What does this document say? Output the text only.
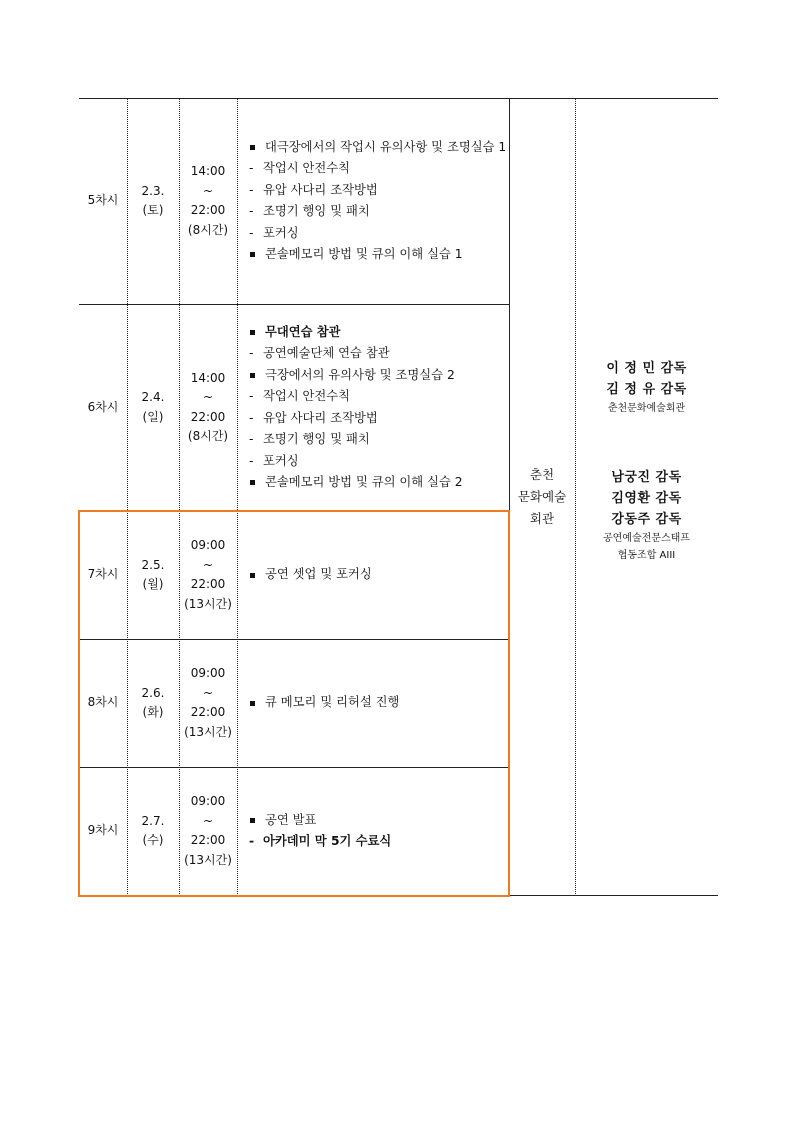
5차시
2.3.
(토)
14:00
~
22:00
(8시간)
대극장에서의 작업시 유의사항 및 조명실습 1
- 작업시 안전수칙
- 유압 사다리 조작방법
- 조명기 행잉 및 패치
- 포커싱
콘솔메모리 방법 및 큐의 이해 실습 1
6차시
2.4.
(일)
14:00
~
22:00
(8시간)
무대연습 참관
- 공연예술단체 연습 참관
극장에서의 유의사항 및 조명실습 2
- 작업시 안전수칙
- 유압 사다리 조작방법
- 조명기 행잉 및 패치
- 포커싱
콘솔메모리 방법 및 큐의 이해 실습 2
7차시
2.5.
(월)
09:00
~
22:00
(13시간)
공연 셋업 및 포커싱
8차시
2.6.
(화)
09:00
~
22:00
(13시간)
큐 메모리 및 리허설 진행
9차시
2.7.
(수)
09:00
~
22:00
(13시간)
공연 발표
- 아카데미 막 5기 수료식
춘천
문화예술
회관
이 정 민 감독
김 정 유 감독
춘천문화예술회관
남궁진 감독
김영환 감독
강동주 감독
공연예술전문스태프
협동조합 AIII
